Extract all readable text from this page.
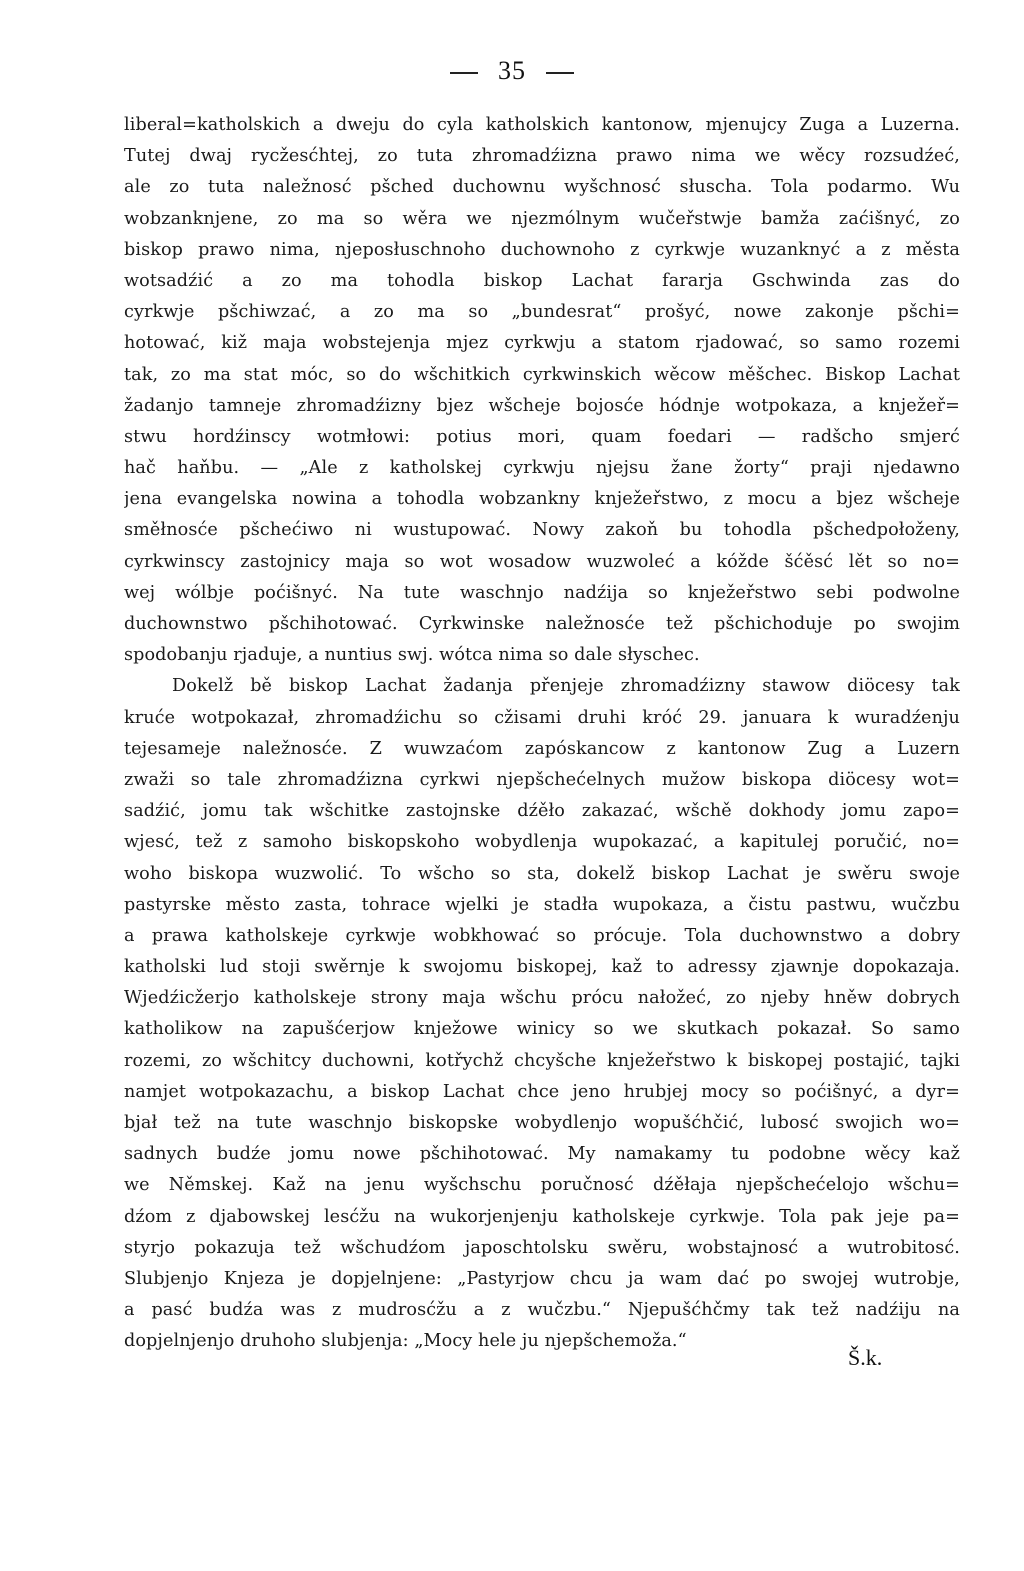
35
liberal=katholskich a dweju do cyla katholskich kantonow, mjenujcy Zuga a Luzerna.
Tutej dwaj rycžesćhtej, zo tuta zhromadźizna prawo nima we wěcy rozsudźeć,
ale zo tuta naležnosć pšched duchownu wyšchnosć słuscha. Tola podarmo. Wu
wobzanknjene, zo ma so wěra we njezmólnym wučeřstwje bamža zaćišnyć, zo
biskop prawo nima, njeposłuschnoho duchownoho z cyrkwje wuzanknyć a z města
wotsadźić a zo ma tohodla biskop Lachat fararja Gschwinda zas do
cyrkwje pšchiwzać, a zo ma so „bundesrat“ prošyć, nowe zakonje pšchi=
hotować, kiž maja wobstejenja mjez cyrkwju a statom rjadować, so samo rozemi
tak, zo ma stat móc, so do wšchitkich cyrkwinskich wěcow měšchec. Biskop Lachat
žadanjo tamneje zhromadźizny bjez wšcheje bojosće hódnje wotpokaza, a knježeř=
stwu hordźinscy wotmłowi: potius mori, quam foedari — radšcho smjerć
hač haňbu. — „Ale z katholskej cyrkwju njejsu žane žorty“ praji njedawno
jena evangelska nowina a tohodla wobzankny knježeřstwo, z mocu a bjez wšcheje
směłnosće pšchećiwo ni wustupować. Nowy zakoň bu tohodla pšchedpołoženy,
cyrkwinscy zastojnicy maja so wot wosadow wuzwoleć a kóžde šćěsć lět so no=
wej wólbje poćišnyć. Na tute waschnjo nadźija so knježeřstwo sebi podwolne
duchownstwo pšchihotować. Cyrkwinske naležnosće tež pšchichoduje po swojim
spodobanju rjaduje, a nuntius swj. wótca nima so dale słyschec.
Dokelž bě biskop Lachat žadanja přenjeje zhromadźizny stawow diöcesy tak
kruće wotpokazał, zhromadźichu so cžisami druhi króć 29. januara k wuradźenju
tejesameje naležnosće. Z wuwzaćom zapóskancow z kantonow Zug a Luzern
zwaži so tale zhromadźizna cyrkwi njepšchećelnych mužow biskopa diöcesy wot=
sadźić, jomu tak wšchitke zastojnske dźěło zakazać, wšchě dokhody jomu zapo=
wjesć, tež z samoho biskopskoho wobydlenja wupokazać, a kapitulej poručić, no=
woho biskopa wuzwolić. To wšcho so sta, dokelž biskop Lachat je swěru swoje
pastyrske město zasta, tohrace wjelki je stadła wupokaza, a čistu pastwu, wučzbu
a prawa katholskeje cyrkwje wobkhować so prócuje. Tola duchownstwo a dobry
katholski lud stoji swěrnje k swojomu biskopej, kaž to adressy zjawnje dopokazaja.
Wjedźicžerjo katholskeje strony maja wšchu prócu nałožeć, zo njeby hněw dobrych
katholikow na zapušćerjow knježowe winicy so we skutkach pokazał. So samo
rozemi, zo wšchitcy duchowni, kotřychž chcyšche knježeřstwo k biskopej postajić, tajki
namjet wotpokazachu, a biskop Lachat chce jeno hrubjej mocy so poćišnyć, a dyr=
bjał tež na tute waschnjo biskopske wobydlenjo wopušćhčić, lubosć swojich wo=
sadnych budźe jomu nowe pšchihotować. My namakamy tu podobne wěcy kaž
we Němskej. Kaž na jenu wyšchschu poručnosć dźěłaja njepšchećelojo wšchu=
dźom z djabowskej lesćžu na wukorjenjenju katholskeje cyrkwje. Tola pak jeje pa=
styrjo pokazuja tež wšchudźom japoschtolsku swěru, wobstajnosć a wutrobitosć.
Slubjenjo Knjeza je dopjelnjene: „Pastyrjow chcu ja wam dać po swojej wutrobje,
a pasć budźa was z mudrosćžu a z wučzbu.“ Njepušćhčmy tak tež nadźiju na
dopjelnjenjo druhoho slubjenja: „Mocy hele ju njepšchemoža.“
Š.k.
